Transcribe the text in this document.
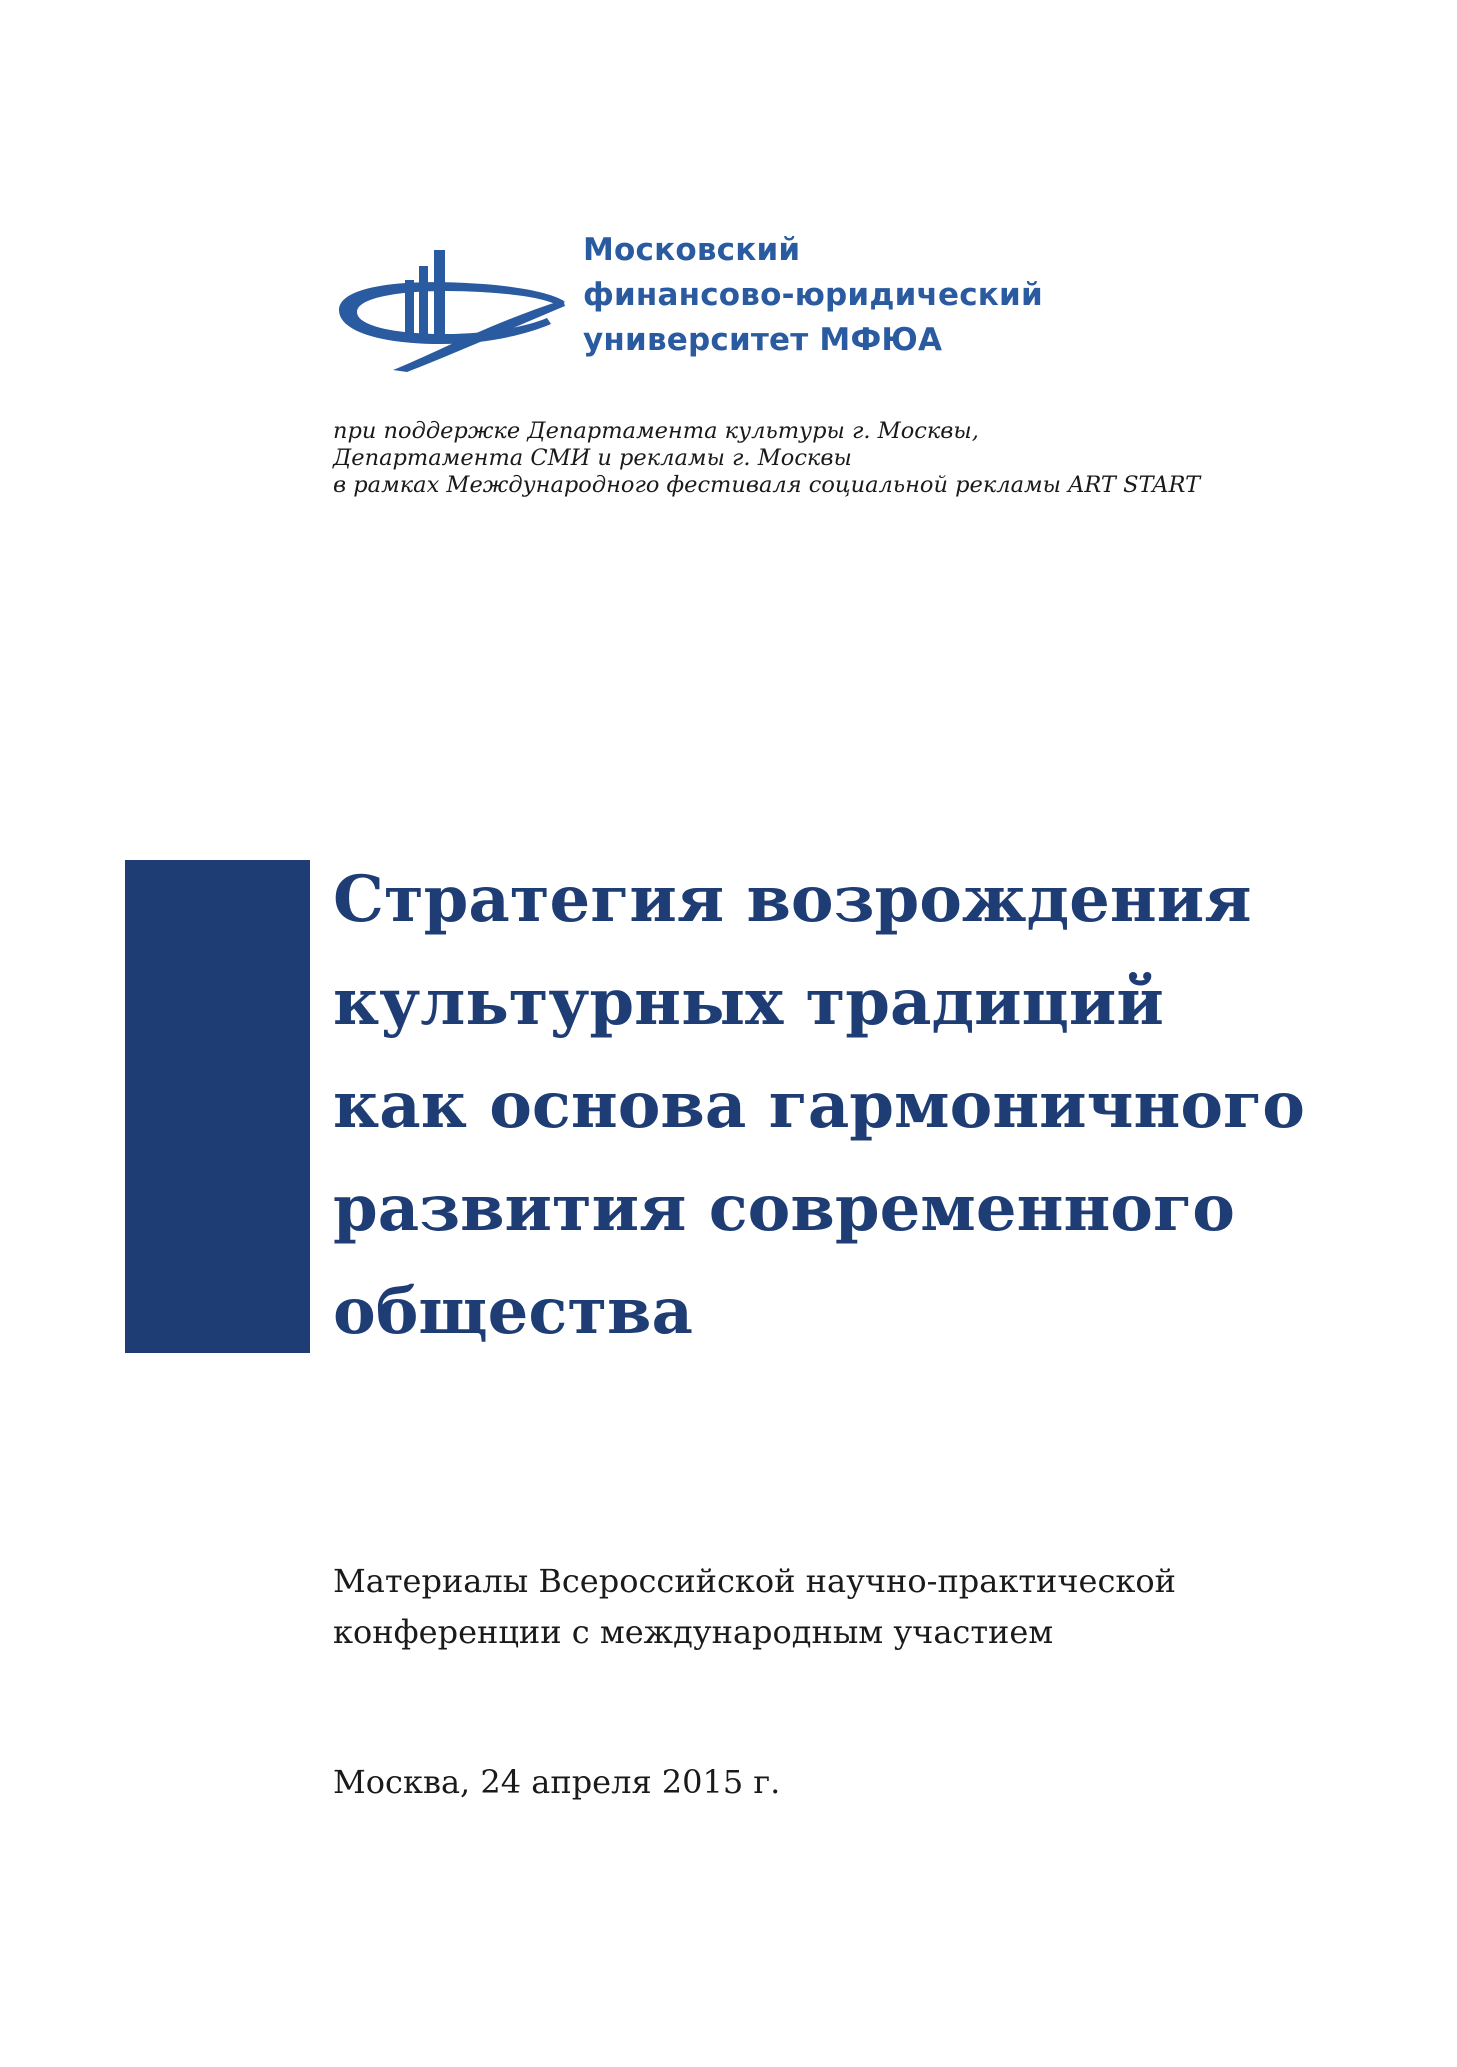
Московский
финансово-юридический
университет МФЮА
при поддержке Департамента культуры г. Москвы,
Департамента СМИ и рекламы г. Москвы
в рамках Международного фестиваля социальной рекламы ART START
Стратегия возрождения
культурных традиций
как основа гармоничного
развития современного
общества
Материалы Всероссийской научно-практической
конференции с международным участием
Москва, 24 апреля 2015 г.
